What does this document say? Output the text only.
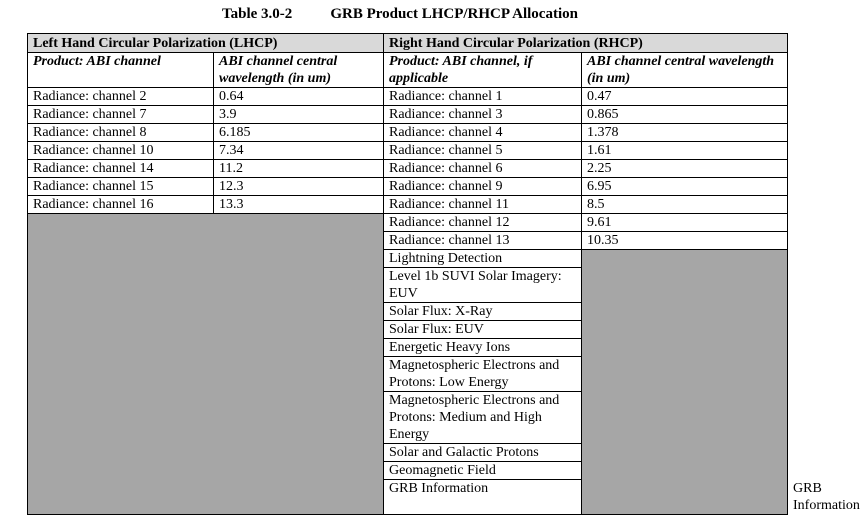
Table 3.0-2	GRB Product LHCP/RHCP Allocation
Left Hand Circular Polarization (LHCP)		Right Hand Circular Polarization (RHCP)		
Product: ABI channel	ABI channel central wavelength (in um)	Product: ABI channel, if applicable	ABI channel central wavelength (in um)	
Radiance: channel 2	0.64	Radiance: channel 1	0.47	
Radiance: channel 7	3.9	Radiance: channel 3	0.865	
Radiance: channel 8	6.185	Radiance: channel 4	1.378	
Radiance: channel 10	7.34	Radiance: channel 5	1.61	
Radiance: channel 14	11.2	Radiance: channel 6	2.25	
Radiance: channel 15	12.3	Radiance: channel 9	6.95	
Radiance: channel 16	13.3	Radiance: channel 11	8.5	
		Radiance: channel 12	9.61	
		Radiance: channel 13	10.35	
		Lightning Detection		
		Level 1b SUVI Solar Imagery: EUV		
		Solar Flux: X-Ray		
		Solar Flux: EUV		
		Energetic Heavy Ions		
		Magnetospheric Electrons and Protons: Low Energy		
		Magnetospheric Electrons and Protons: Medium and High Energy		
		Solar and Galactic Protons		
		Geomagnetic Field		
		GRB Information		GRB Information
